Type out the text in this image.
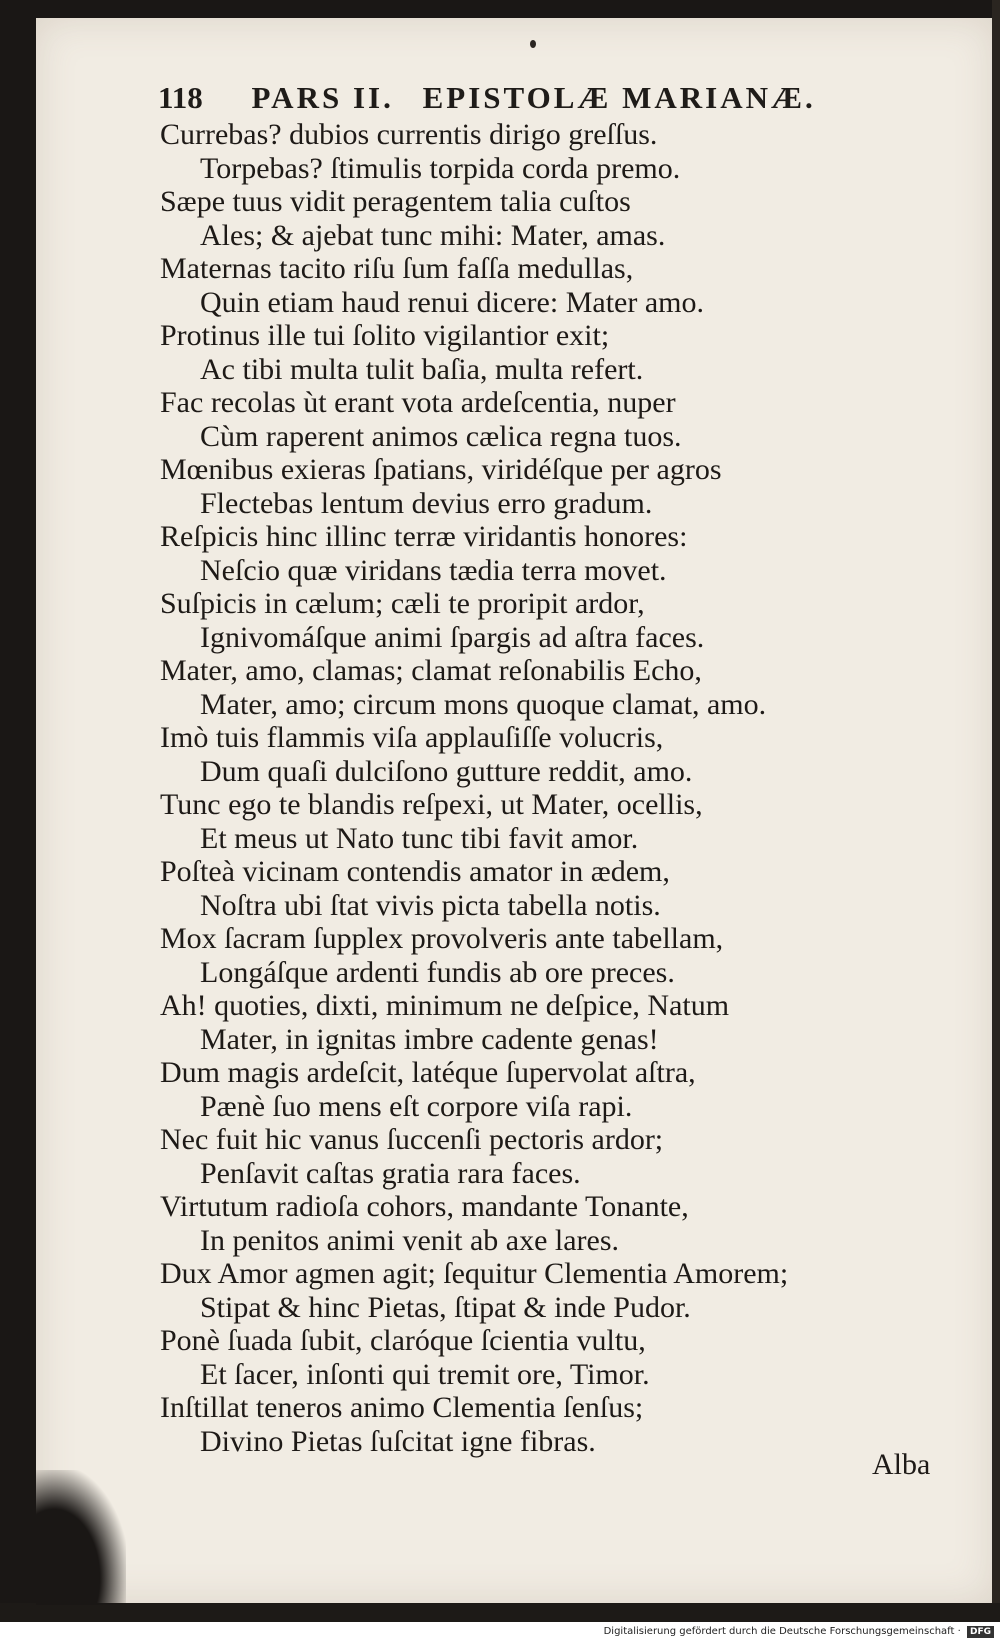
118 PARS II. EPISTOLÆ MARIANÆ.
Currebas? dubios currentis dirigo greſſus.
Torpebas? ſtimulis torpida corda premo.
Sæpe tuus vidit peragentem talia cuſtos
Ales; & ajebat tunc mihi: Mater, amas.
Maternas tacito riſu ſum faſſa medullas,
Quin etiam haud renui dicere: Mater amo.
Protinus ille tui ſolito vigilantior exit;
Ac tibi multa tulit baſia, multa refert.
Fac recolas ùt erant vota ardeſcentia, nuper
Cùm raperent animos cælica regna tuos.
Mœnibus exieras ſpatians, viridéſque per agros
Flectebas lentum devius erro gradum.
Reſpicis hinc illinc terræ viridantis honores:
Neſcio quæ viridans tædia terra movet.
Suſpicis in cælum; cæli te proripit ardor,
Ignivomáſque animi ſpargis ad aſtra faces.
Mater, amo, clamas; clamat reſonabilis Echo,
Mater, amo; circum mons quoque clamat, amo.
Imò tuis flammis viſa applauſiſſe volucris,
Dum quaſi dulciſono gutture reddit, amo.
Tunc ego te blandis reſpexi, ut Mater, ocellis,
Et meus ut Nato tunc tibi favit amor.
Poſteà vicinam contendis amator in ædem,
Noſtra ubi ſtat vivis picta tabella notis.
Mox ſacram ſupplex provolveris ante tabellam,
Longáſque ardenti fundis ab ore preces.
Ah! quoties, dixti, minimum ne deſpice, Natum
Mater, in ignitas imbre cadente genas!
Dum magis ardeſcit, latéque ſupervolat aſtra,
Pænè ſuo mens eſt corpore viſa rapi.
Nec fuit hic vanus ſuccenſi pectoris ardor;
Penſavit caſtas gratia rara faces.
Virtutum radioſa cohors, mandante Tonante,
In penitos animi venit ab axe lares.
Dux Amor agmen agit; ſequitur Clementia Amorem;
Stipat & hinc Pietas, ſtipat & inde Pudor.
Ponè ſuada ſubit, claróque ſcientia vultu,
Et ſacer, inſonti qui tremit ore, Timor.
Inſtillat teneros animo Clementia ſenſus;
Divino Pietas ſuſcitat igne fibras.
Alba
Digitalisierung gefördert durch die Deutsche Forschungsgemeinschaft · DFG
